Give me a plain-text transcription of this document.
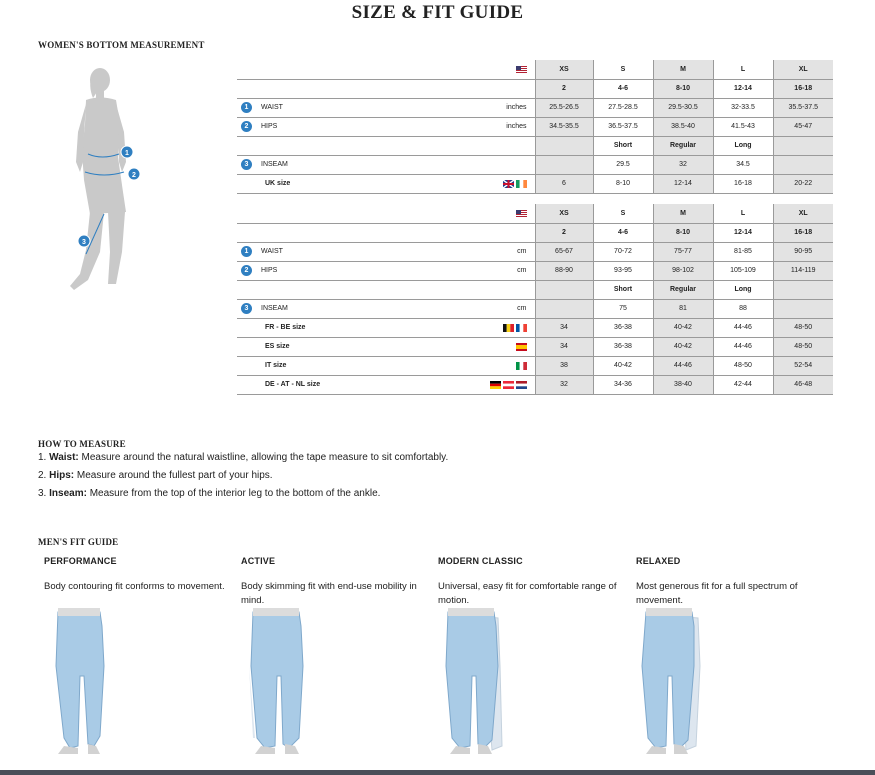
SIZE & FIT GUIDE
WOMEN'S BOTTOM MEASUREMENT
1
2
3
	XS	S	M	L	XL
	2	4-6	8-10	12-14	16-18

1 WAIST inches	25.5-26.5	27.5-28.5	29.5-30.5	32-33.5	35.5-37.5

2 HIPS inches	34.5-35.5	36.5-37.5	38.5-40	41.5-43	45-47
		Short	Regular	Long	

3 INSEAM		29.5	32	34.5	

UK size	6	8-10	12-14	16-18	20-22
	XS	S	M	L	XL
	2	4-6	8-10	12-14	16-18

1 WAIST cm	65-67	70-72	75-77	81-85	90-95

2 HIPS cm	88-90	93-95	98-102	105-109	114-119
		Short	Regular	Long	

3 INSEAM cm		75	81	88	

FR - BE size	34	36-38	40-42	44-46	48-50

ES size	34	36-38	40-42	44-46	48-50

IT size	38	40-42	44-46	48-50	52-54

DE - AT - NL size	32	34-36	38-40	42-44	46-48
HOW TO MEASURE

1. Waist: Measure around the natural waistline, allowing the tape measure to sit comfortably.

2. Hips: Measure around the fullest part of your hips.

3. Inseam: Measure from the top of the interior leg to the bottom of the ankle.

MEN'S FIT GUIDE
PERFORMANCE
Body contouring fit conforms to movement.
ACTIVE
Body skimming fit with end-use mobility in mind.
MODERN CLASSIC
Universal, easy fit for comfortable range of motion.
RELAXED
Most generous fit for a full spectrum of movement.
